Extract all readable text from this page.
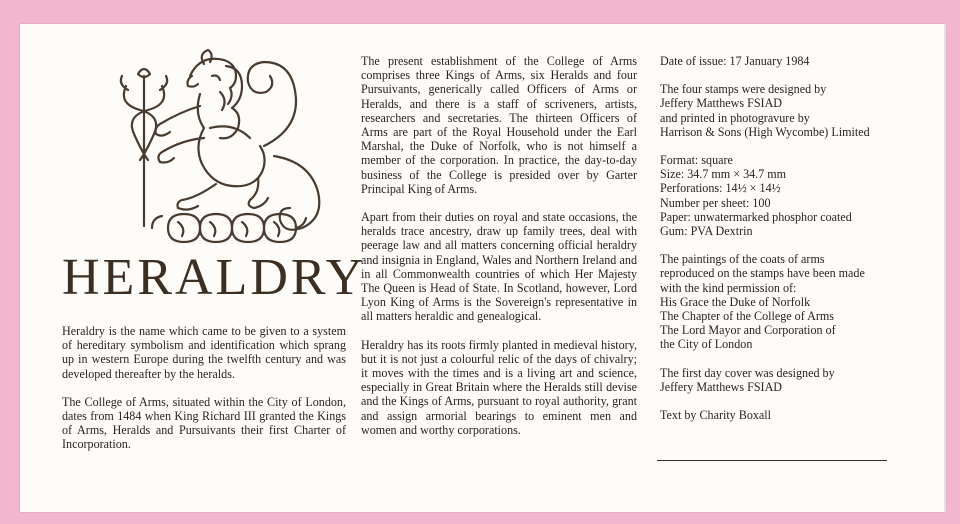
HERALDRY

Heraldry is the name which came to be given to a system of hereditary symbolism and identification which sprang up in western Europe during the twelfth century and was developed thereafter by the heralds.

The College of Arms, situated within the City of London, dates from 1484 when King Richard III granted the Kings of Arms, Heralds and Pursuivants their first Charter of Incorporation.

The present establishment of the College of Arms comprises three Kings of Arms, six Heralds and four Pursuivants, generically called Officers of Arms or Heralds, and there is a staff of scriveners, artists, researchers and secretaries. The thirteen Officers of Arms are part of the Royal Household under the Earl Marshal, the Duke of Norfolk, who is not himself a member of the corporation. In practice, the day-to-day business of the College is presided over by Garter Principal King of Arms.

Apart from their duties on royal and state occasions, the heralds trace ancestry, draw up family trees, deal with peerage law and all matters concerning official heraldry and insignia in England, Wales and Northern Ireland and in all Commonwealth countries of which Her Majesty The Queen is Head of State. In Scotland, however, Lord Lyon King of Arms is the Sovereign's representative in all matters heraldic and genealogical.

Heraldry has its roots firmly planted in medieval history, but it is not just a colourful relic of the days of chivalry; it moves with the times and is a living art and science, especially in Great Britain where the Heralds still devise and the Kings of Arms, pursuant to royal authority, grant and assign armorial bearings to eminent men and women and worthy corporations.

Date of issue: 17 January 1984

The four stamps were designed by
Jeffery Matthews FSIAD
and printed in photogravure by
Harrison & Sons (High Wycombe) Limited

Format: square
Size: 34.7 mm × 34.7 mm
Perforations: 14½ × 14½
Number per sheet: 100
Paper: unwatermarked phosphor coated
Gum: PVA Dextrin

The paintings of the coats of arms
reproduced on the stamps have been made
with the kind permission of:
His Grace the Duke of Norfolk
The Chapter of the College of Arms
The Lord Mayor and Corporation of
the City of London

The first day cover was designed by
Jeffery Matthews FSIAD

Text by Charity Boxall
